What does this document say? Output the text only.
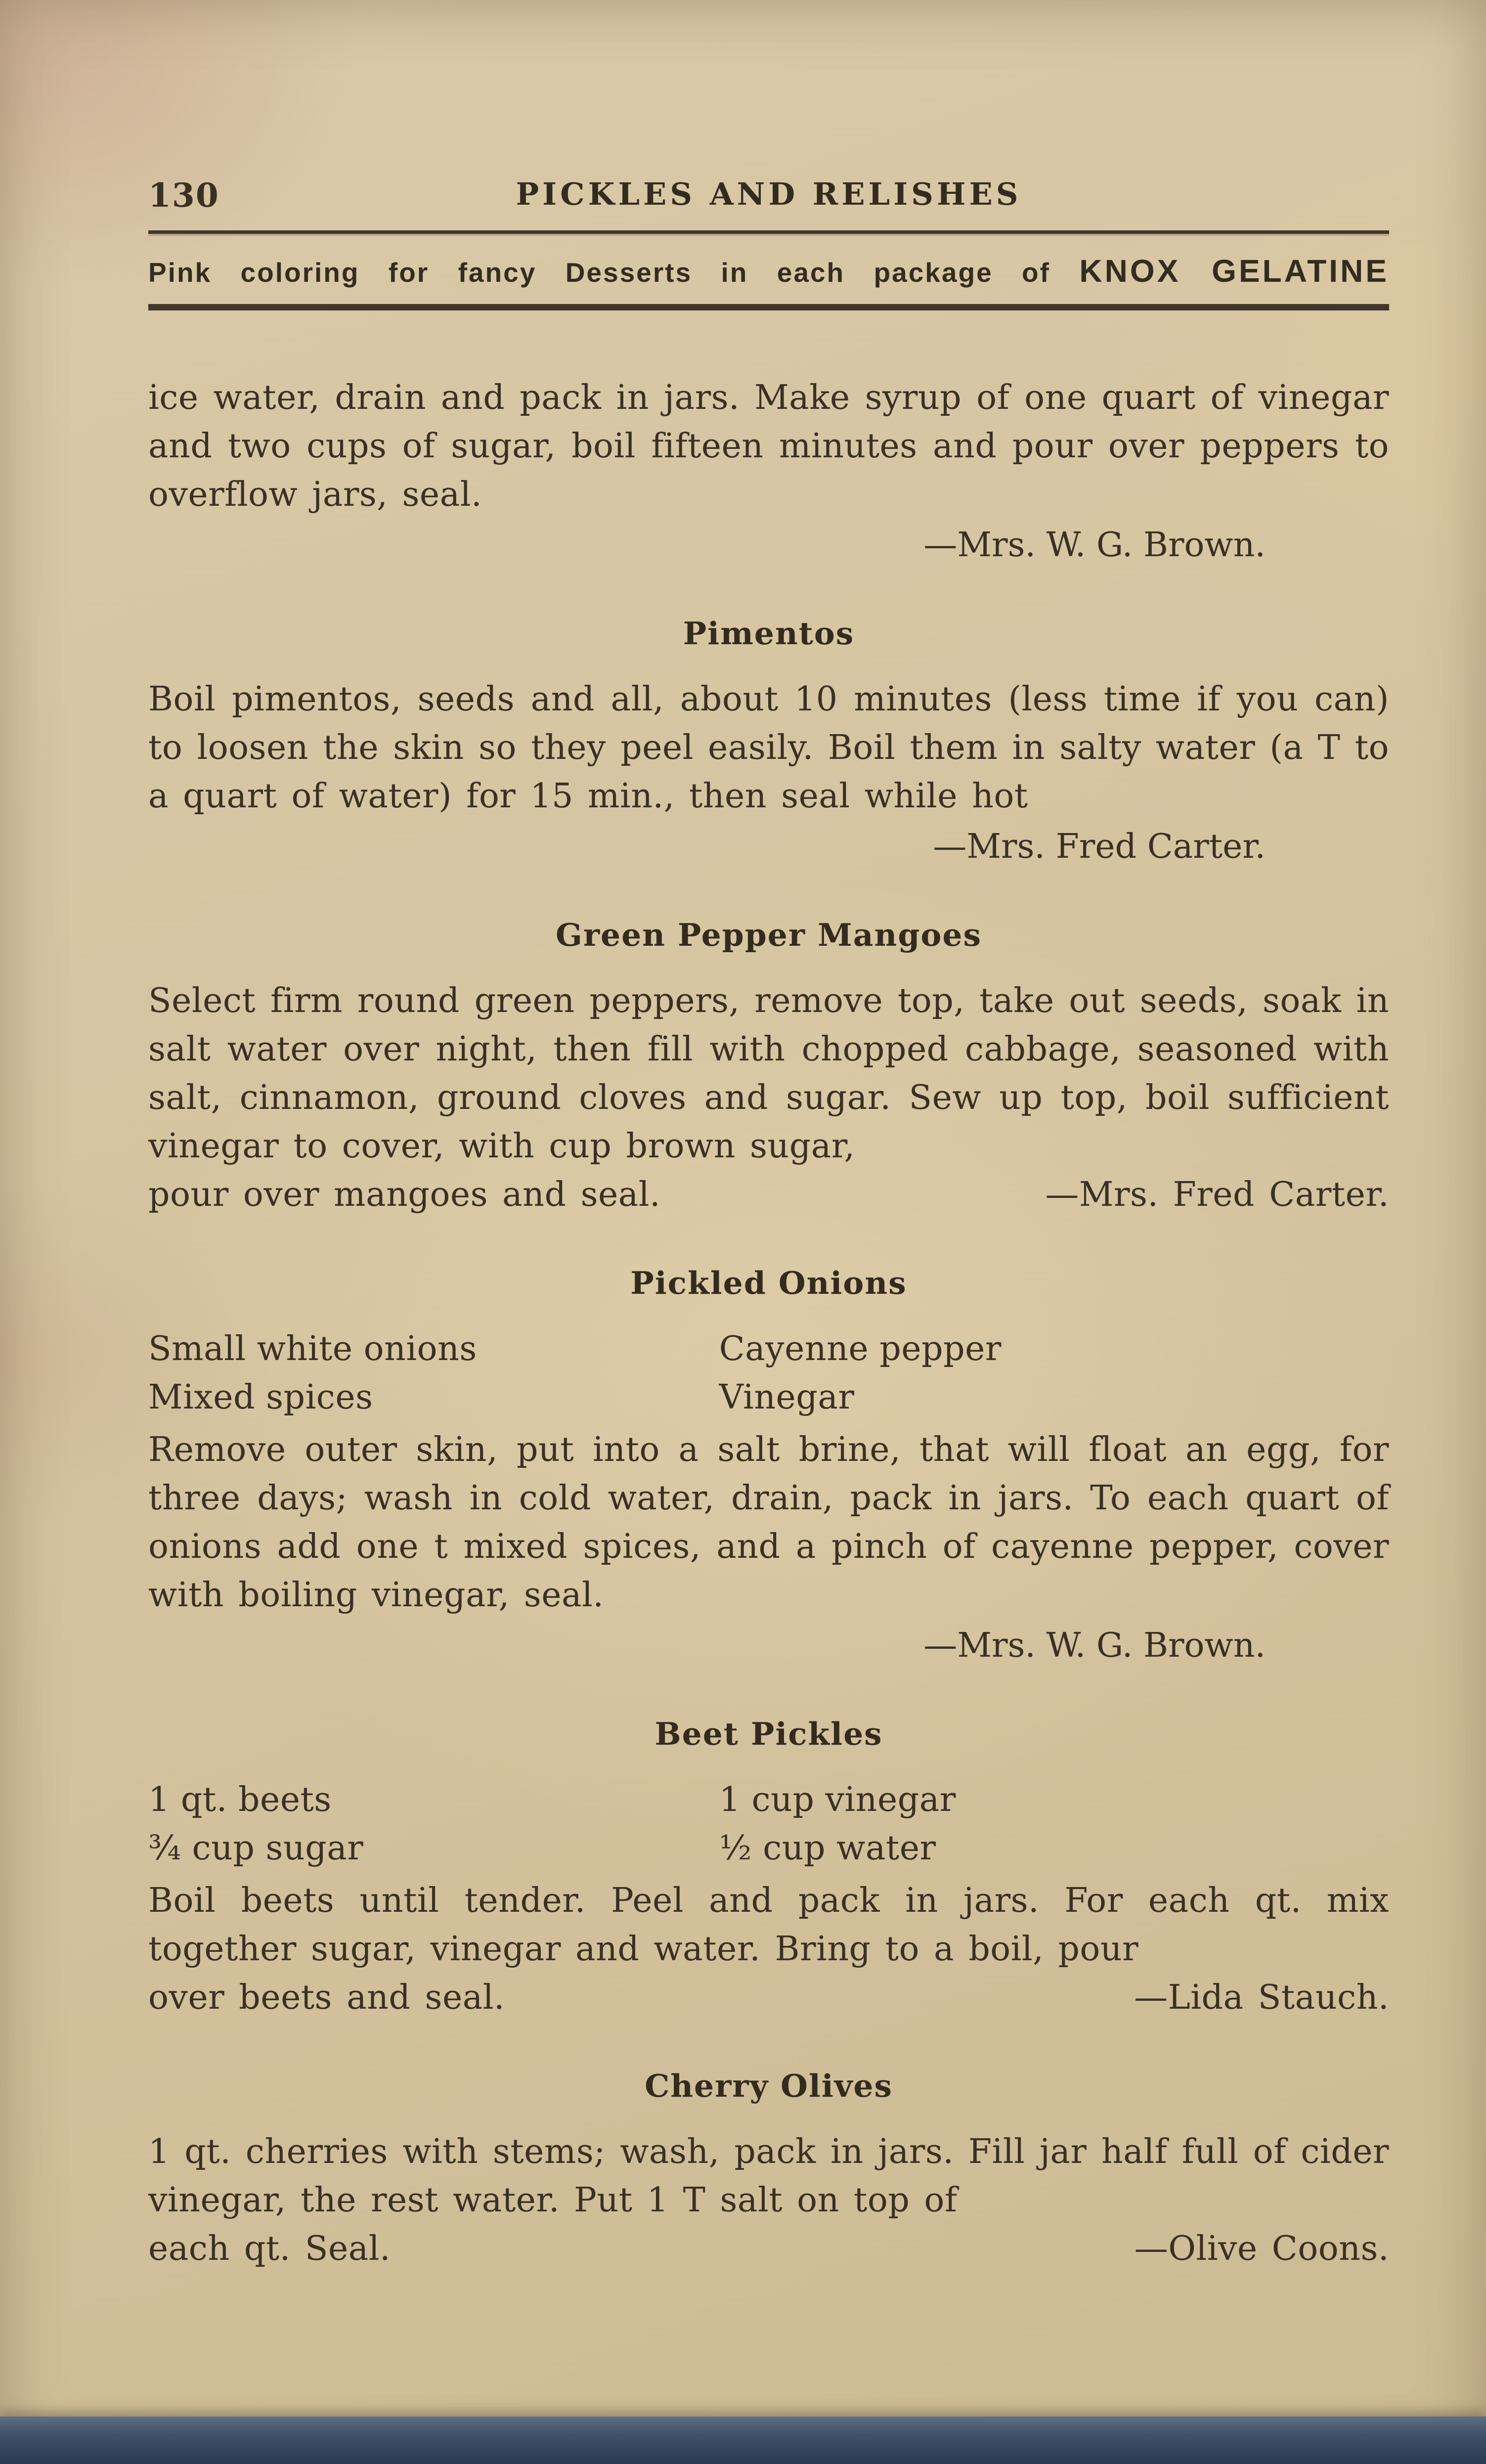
130	PICKLES AND RELISHES
Pink coloring for fancy Desserts in each package of KNOX GELATINE

ice water, drain and pack in jars. Make syrup of one quart of vinegar and two cups of sugar, boil fifteen minutes and pour over peppers to overflow jars, seal.

—Mrs. W. G. Brown.
Pimentos

Boil pimentos, seeds and all, about 10 minutes (less time if you can) to loosen the skin so they peel easily. Boil them in salty water (a T to a quart of water) for 15 min., then seal while hot

—Mrs. Fred Carter.
Green Pepper Mangoes

Select firm round green peppers, remove top, take out seeds, soak in salt water over night, then fill with chopped cabbage, seasoned with salt, cinnamon, ground cloves and sugar. Sew up top, boil sufficient vinegar to cover, with cup brown sugar,

pour over mangoes and seal.	—Mrs. Fred Carter.
Pickled Onions
Small white onions	Cayenne pepper
Mixed spices	Vinegar

Remove outer skin, put into a salt brine, that will float an egg, for three days; wash in cold water, drain, pack in jars. To each quart of onions add one t mixed spices, and a pinch of cayenne pepper, cover with boiling vinegar, seal.

—Mrs. W. G. Brown.
Beet Pickles
1 qt. beets	1 cup vinegar
¾ cup sugar	½ cup water

Boil beets until tender. Peel and pack in jars. For each qt. mix together sugar, vinegar and water. Bring to a boil, pour

over beets and seal.	—Lida Stauch.
Cherry Olives

1 qt. cherries with stems; wash, pack in jars. Fill jar half full of cider vinegar, the rest water. Put 1 T salt on top of

each qt. Seal.	—Olive Coons.
